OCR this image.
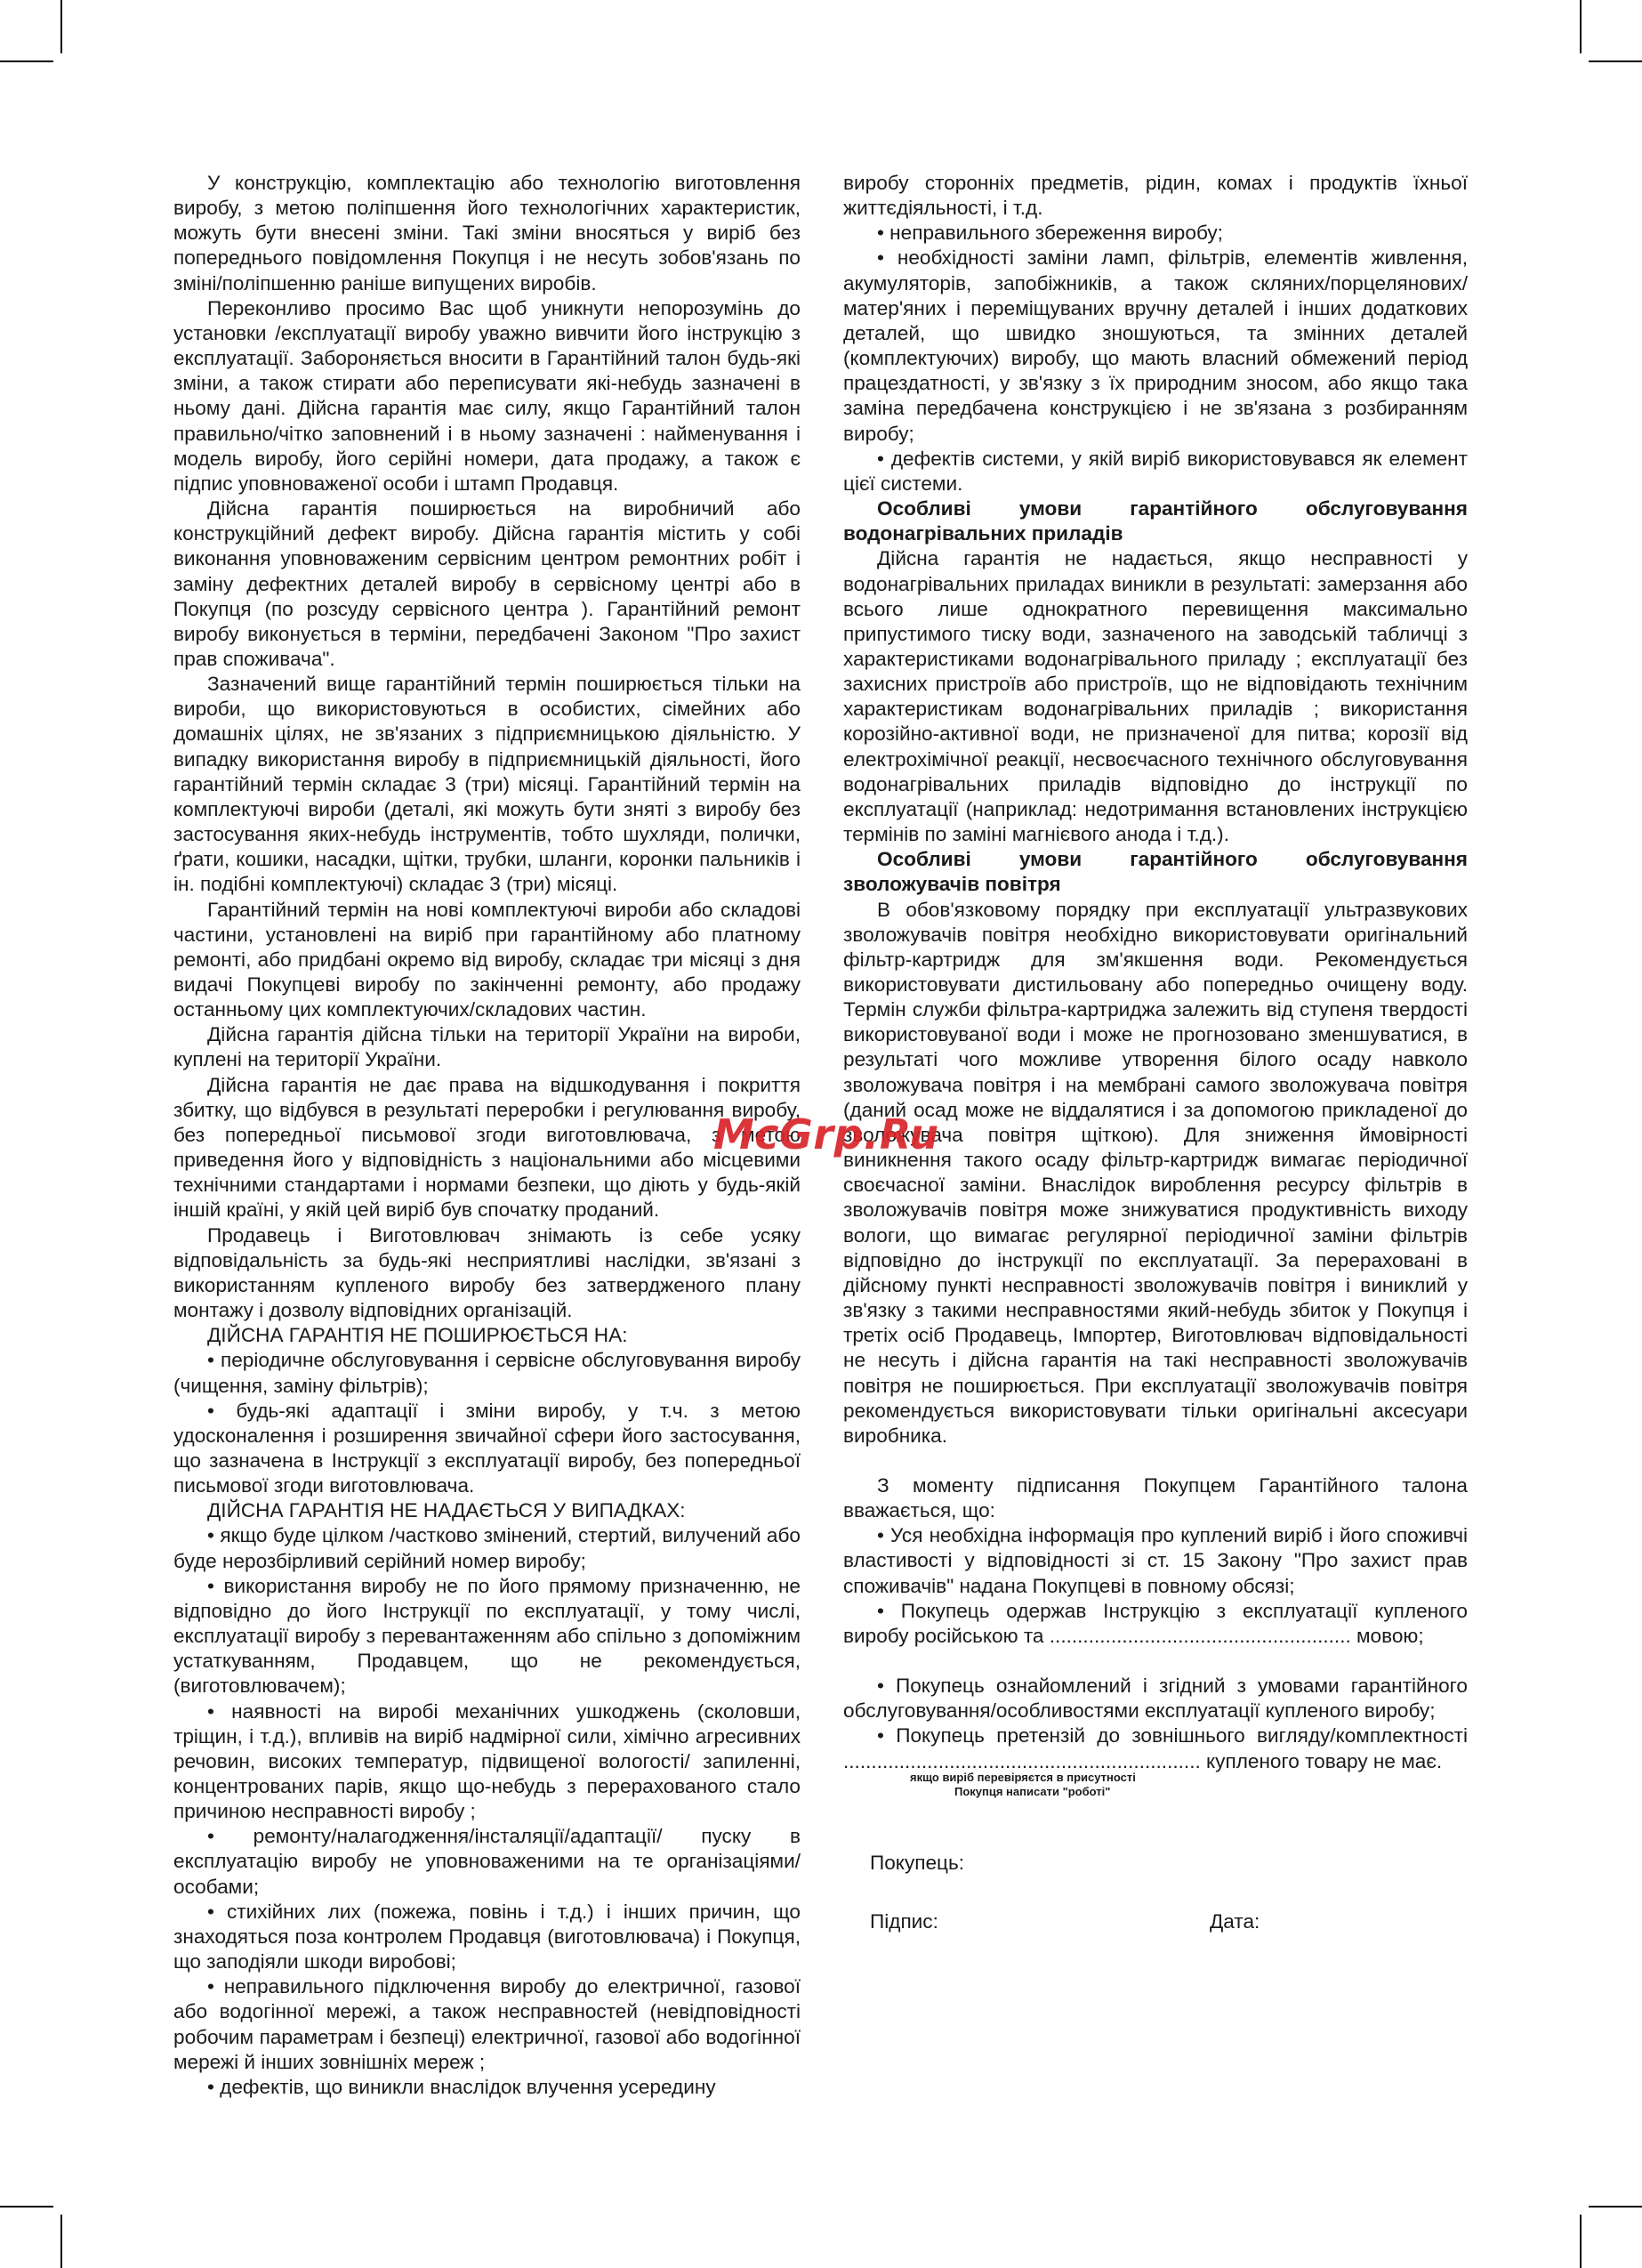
У конструкцію, комплектацію або технологію виготовлення виробу, з метою поліпшення його технологічних характеристик, можуть бути внесені зміни. Такі зміни вносяться у виріб без попереднього повідомлення Покупця і не несуть зобов'язань по зміні/поліпшенню раніше випущених виробів.

Переконливо просимо Вас щоб уникнути непорозумінь до установки /експлуатації виробу уважно вивчити його інструкцію з експлуатації. Забороняється вносити в Гарантійний талон будь-які зміни, а також стирати або переписувати які-небудь зазначені в ньому дані. Дійсна гарантія має силу, якщо Гарантійний талон правильно/чітко заповнений і в ньому зазначені : найменування і модель виробу, його серійні номери, дата продажу, а також є підпис уповноваженої особи і штамп Продавця.

Дійсна гарантія поширюється на виробничий або конструкційний дефект виробу. Дійсна гарантія містить у собі виконання уповноваженим сервісним центром ремонтних робіт і заміну дефектних деталей виробу в сервісному центрі або в Покупця (по розсуду сервісного центра ). Гарантійний ремонт виробу виконується в терміни, передбачені Законом "Про захист прав споживача".

Зазначений вище гарантійний термін поширюється тільки на вироби, що використовуються в особистих, сімейних або домашніх цілях, не зв'язаних з підприємницькою діяльністю. У випадку використання виробу в підприємницькій діяльності, його гарантійний термін складає 3 (три) місяці. Гарантійний термін на комплектуючі вироби (деталі, які можуть бути зняті з виробу без застосування яких-небудь інструментів, тобто шухляди, полички, ґрати, кошики, насадки, щітки, трубки, шланги, коронки пальників і ін. подібні комплектуючі) складає 3 (три) місяці.

Гарантійний термін на нові комплектуючі вироби або складові частини, установлені на виріб при гарантійному або платному ремонті, або придбані окремо від виробу, складає три місяці з дня видачі Покупцеві виробу по закінченні ремонту, або продажу останньому цих комплектуючих/складових частин.

Дійсна гарантія дійсна тільки на території України на вироби, куплені на території України.

Дійсна гарантія не дає права на відшкодування і покриття збитку, що відбувся в результаті переробки і регулювання виробу, без попередньої письмової згоди виготовлювача, з метою приведення його у відповідність з національними або місцевими технічними стандартами і нормами безпеки, що діють у будь-якій іншій країні, у якій цей виріб був спочатку проданий.

Продавець і Виготовлювач знімають із себе усяку відповідальність за будь-які несприятливі наслідки, зв'язані з використанням купленого виробу без затвердженого плану монтажу і дозволу відповідних організацій.

ДІЙСНА ГАРАНТІЯ НЕ ПОШИРЮЄТЬСЯ НА:

• періодичне обслуговування і сервісне обслуговування виробу (чищення, заміну фільтрів);

• будь-які адаптації і зміни виробу, у т.ч. з метою удосконалення і розширення звичайної сфери його застосування, що зазначена в Інструкції з експлуатації виробу, без попередньої письмової згоди виготовлювача.

ДІЙСНА ГАРАНТІЯ НЕ НАДАЄТЬСЯ У ВИПАДКАХ:

• якщо буде цілком /частково змінений, стертий, вилучений або буде нерозбірливий серійний номер виробу;

• використання виробу не по його прямому призначенню, не відповідно до його Інструкції по експлуатації, у тому числі, експлуатації виробу з перевантаженням або спільно з допоміжним устаткуванням, Продавцем, що не рекомендується, (виготовлювачем);

• наявності на виробі механічних ушкоджень (сколовши, тріщин, і т.д.), впливів на виріб надмірної сили, хімічно агресивних речовин, високих температур, підвищеної вологості/ запиленні, концентрованих парів, якщо що-небудь з перерахованого стало причиною несправності виробу ;

• ремонту/налагодження/інсталяції/адаптації/ пуску в експлуатацію виробу не уповноваженими на те організаціями/особами;

• стихійних лих (пожежа, повінь і т.д.) і інших причин, що знаходяться поза контролем Продавця (виготовлювача) і Покупця, що заподіяли шкоди виробові;

• неправильного підключення виробу до електричної, газової або водогінної мережі, а також несправностей (невідповідності робочим параметрам і безпеці) електричної, газової або водогінної мережі й інших зовнішніх мереж ;

• дефектів, що виникли внаслідок влучення усередину

виробу сторонніх предметів, рідин, комах і продуктів їхньої життєдіяльності, і т.д.

• неправильного збереження виробу;

• необхідності заміни ламп, фільтрів, елементів живлення, акумуляторів, запобіжників, а також скляних/порцелянових/ матер'яних і переміщуваних вручну деталей і інших додаткових деталей, що швидко зношуються, та змінних деталей (комплектуючих) виробу, що мають власний обмежений період працездатності, у зв'язку з їх природним зносом, або якщо така заміна передбачена конструкцією і не зв'язана з розбиранням виробу;

• дефектів системи, у якій виріб використовувався як елемент цієї системи.

Особливі умови гарантійного обслуговування водонагрівальних приладів

Дійсна гарантія не надається, якщо несправності у водонагрівальних приладах виникли в результаті: замерзання або всього лише однократного перевищення максимально припустимого тиску води, зазначеного на заводській табличці з характеристиками водонагрівального приладу ; експлуатації без захисних пристроїв або пристроїв, що не відповідають технічним характеристикам водонагрівальних приладів ; використання корозійно-активної води, не призначеної для питва; корозії від електрохімічної реакції, несвоєчасного технічного обслуговування водонагрівальних приладів відповідно до інструкції по експлуатації (наприклад: недотримання встановлених інструкцією термінів по заміні магнієвого анода і т.д.).

Особливі умови гарантійного обслуговування зволожувачів повітря

В обов'язковому порядку при експлуатації ультразвукових зволожувачів повітря необхідно використовувати оригінальний фільтр-картридж для зм'якшення води. Рекомендується використовувати дистильовану або попередньо очищену воду. Термін служби фільтра-картриджа залежить від ступеня твердості використовуваної води і може не прогнозовано зменшуватися, в результаті чого можливе утворення білого осаду навколо зволожувача повітря і на мембрані самого зволожувача повітря (даний осад може не віддалятися і за допомогою прикладеної до зволожувача повітря щіткою). Для зниження ймовірності виникнення такого осаду фільтр-картридж вимагає періодичної своєчасної заміни. Внаслідок вироблення ресурсу фільтрів в зволожувачів повітря може знижуватися продуктивність виходу вологи, що вимагає регулярної періодичної заміни фільтрів відповідно до інструкції по експлуатації. За перераховані в дійсному пункті несправності зволожувачів повітря і виниклий у зв'язку з такими несправностями який-небудь збиток у Покупця і третіх осіб Продавець, Імпортер, Виготовлювач відповідальності не несуть і дійсна гарантія на такі несправності зволожувачів повітря не поширюється. При експлуатації зволожувачів повітря рекомендується використовувати тільки оригінальні аксесуари виробника.

З моменту підписання Покупцем Гарантійного талона вважається, що:

• Уся необхідна інформація про куплений виріб і його споживчі властивості у відповідності зі ст. 15 Закону "Про захист прав споживачів" надана Покупцеві в повному обсязі;

• Покупець одержав Інструкцію з експлуатації купленого виробу російською та ...................................................... мовою;

• Покупець ознайомлений і згідний з умовами гарантійного обслуговування/особливостями експлуатації купленого виробу;

• Покупець претензій до зовнішнього вигляду/комплектності ................................................................ купленого товару не має.

якщо виріб перевіряєтся в присутності
Покупця написати "роботі"
Покупець:
Підпис:	Дата:
McGrp.Ru
